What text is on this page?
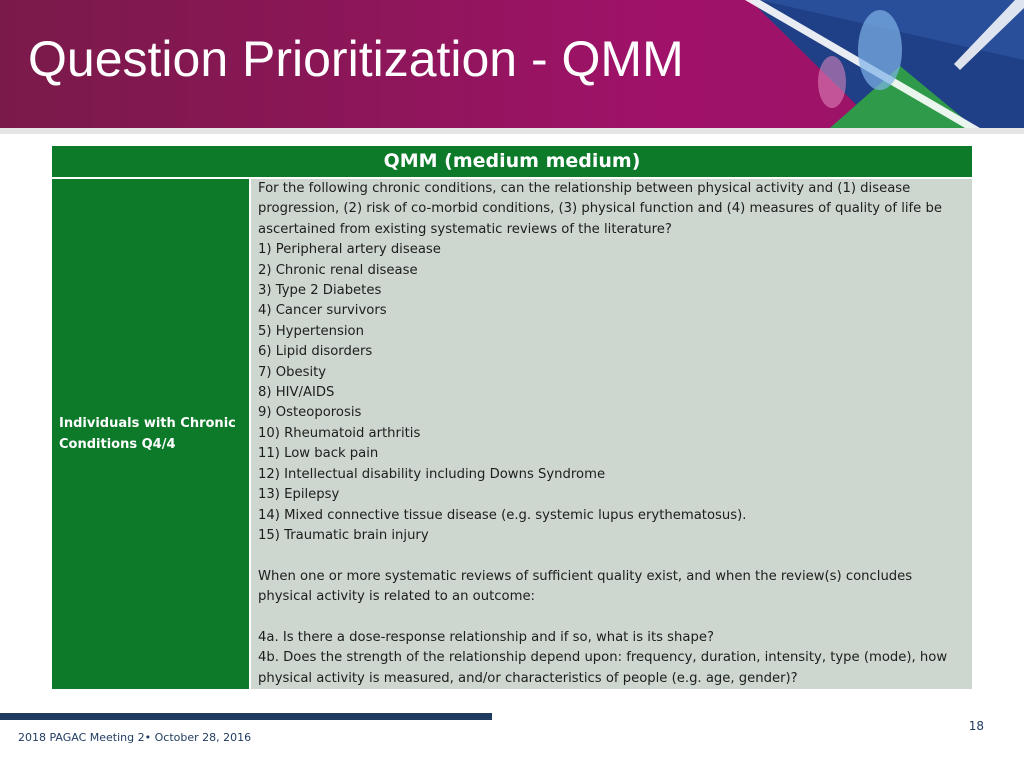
Question Prioritization - QMM
QMM (medium medium)
Individuals with Chronic Conditions Q4/4

For the following chronic conditions, can the relationship between physical activity and (1) disease progression, (2) risk of co-morbid conditions, (3) physical function and (4) measures of quality of life be ascertained from existing systematic reviews of the literature?

1) Peripheral artery disease
2) Chronic renal disease
3) Type 2 Diabetes
4) Cancer survivors
5) Hypertension
6) Lipid disorders
7) Obesity
8) HIV/AIDS
9) Osteoporosis
10) Rheumatoid arthritis
11) Low back pain
12) Intellectual disability including Downs Syndrome
13) Epilepsy
14) Mixed connective tissue disease (e.g. systemic lupus erythematosus).
15) Traumatic brain injury

When one or more systematic reviews of sufficient quality exist, and when the review(s) concludes physical activity is related to an outcome:

4a. Is there a dose-response relationship and if so, what is its shape?

4b. Does the strength of the relationship depend upon: frequency, duration, intensity, type (mode), how physical activity is measured, and/or characteristics of people (e.g. age, gender)?

2018 PAGAC Meeting 2• October 28, 2016
18
